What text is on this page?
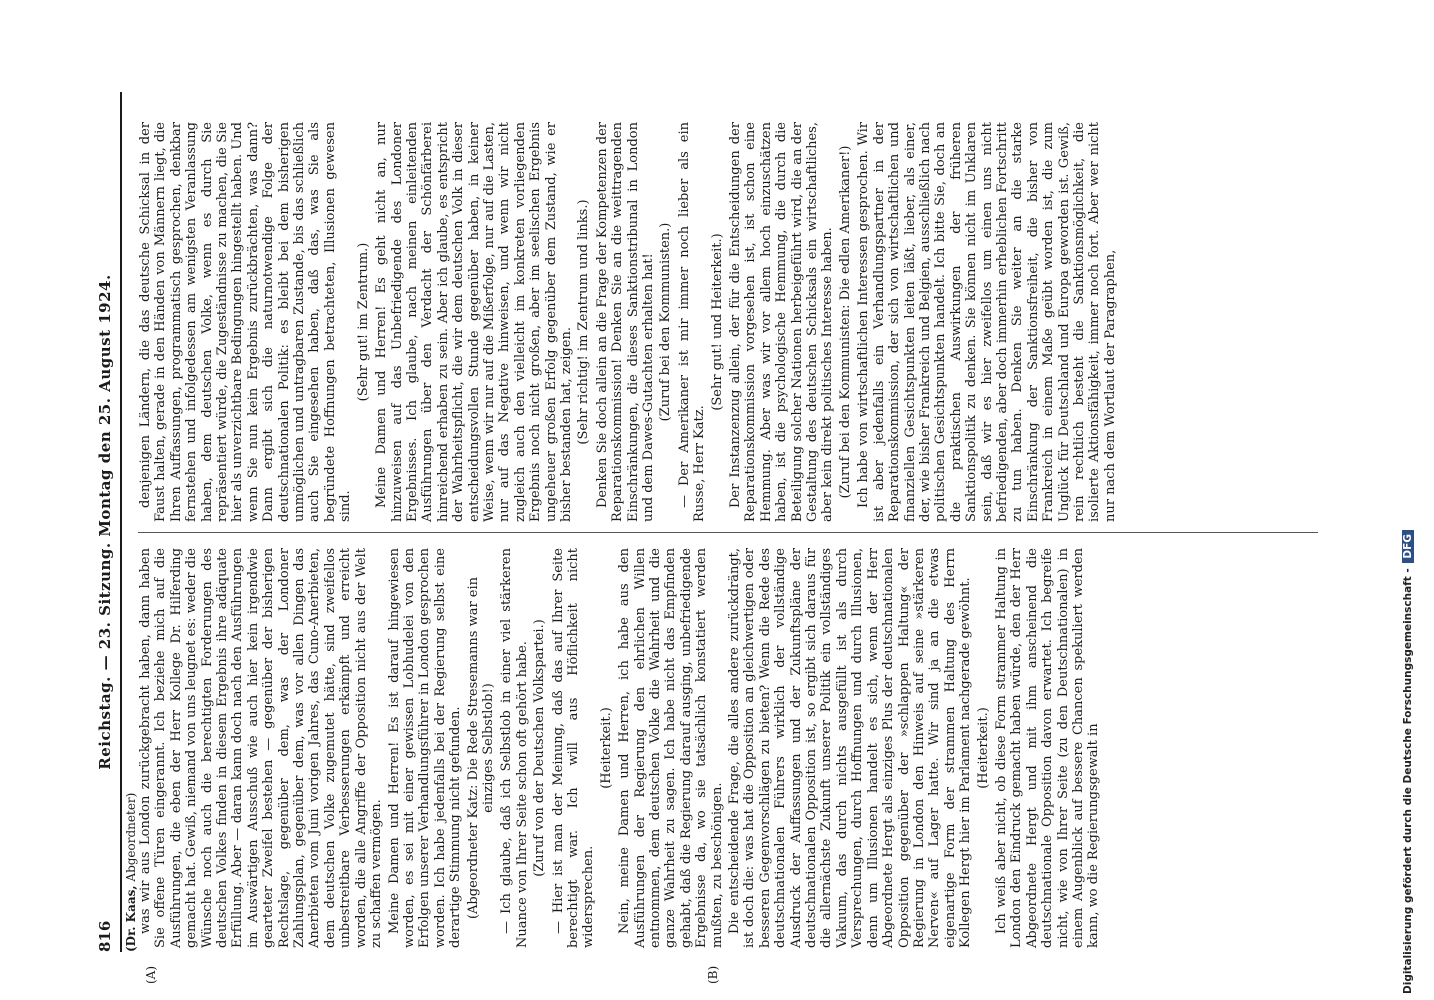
816
Reichstag. — 23. Sitzung. Montag den 25. August 1924.
(Dr. Kaas, Abgeordneter)
(A)	(B)

was wir aus London zurückgebracht haben, dann haben Sie offene Türen eingerannt. Ich beziehe mich auf die Ausführungen, die eben der Herr Kollege Dr. Hilferding gemacht hat. Gewiß, niemand von uns leugnet es: weder die Wünsche noch auch die berechtigten Forderungen des deutschen Volkes finden in diesem Ergebnis ihre adäquate Erfüllung. Aber — daran kann doch nach den Ausführungen im Auswärtigen Ausschuß wie auch hier kein irgendwie gearteter Zweifel bestehen — gegenüber der bisherigen Rechtslage, gegenüber dem, was der Londoner Zahlungsplan, gegenüber dem, was vor allen Dingen das Anerbieten vom Juni vorigen Jahres, das Cuno-Anerbieten, dem deutschen Volke zugemutet hätte, sind zweifellos unbestreitbare Verbesserungen erkämpft und erreicht worden, die alle Angriffe der Opposition nicht aus der Welt zu schaffen vermögen. Meine Damen und Herren! Es ist darauf hingewiesen worden, es sei mit einer gewissen Lobhudelei von den Erfolgen unserer Verhandlungsführer in London gesprochen worden. Ich habe jedenfalls bei der Regierung selbst eine derartige Stimmung nicht gefunden. (Abgeordneter Katz: Die Rede Stresemanns war ein einziges Selbstlob!) — Ich glaube, daß ich Selbstlob in einer viel stärkeren Nuance von Ihrer Seite schon oft gehört habe. (Zuruf von der Deutschen Volkspartei.) — Hier ist man der Meinung, daß das auf Ihrer Seite berechtigt war. Ich will aus Höflichkeit nicht widersprechen.

(Heiterkeit.) Nein, meine Damen und Herren, ich habe aus den Ausführungen der Regierung den ehrlichen Willen entnommen, dem deutschen Volke die Wahrheit und die ganze Wahrheit zu sagen. Ich habe nicht das Empfinden gehabt, daß die Regierung darauf ausging, unbefriedigende Ergebnisse da, wo sie tatsächlich konstatiert werden mußten, zu beschönigen. Die entscheidende Frage, die alles andere zurückdrängt, ist doch die: was hat die Opposition an gleichwertigen oder besseren Gegenvorschlägen zu bieten? Wenn die Rede des deutschnationalen Führers wirklich der vollständige Ausdruck der Auffassungen und der Zukunftspläne der deutschnationalen Opposition ist, so ergibt sich daraus für die allernächste Zukunft unserer Politik ein vollständiges Vakuum, das durch nichts ausgefüllt ist als durch Versprechungen, durch Hoffnungen und durch Illusionen, denn um Illusionen handelt es sich, wenn der Herr Abgeordnete Hergt als einziges Plus der deutschnationalen Opposition gegenüber der »schlappen Haltung« der Regierung in London den Hinweis auf seine »stärkeren Nerven« auf Lager hatte. Wir sind ja an die etwas eigenartige Form der strammen Haltung des Herrn Kollegen Hergt hier im Parlament nachgerade gewöhnt. (Heiterkeit.) Ich weiß aber nicht, ob diese Form strammer Haltung in London den Eindruck gemacht haben würde, den der Herr Abgeordnete Hergt und mit ihm anscheinend die deutschnationale Opposition davon erwartet. Ich begreife nicht, wie von Ihrer Seite (zu den Deutschnationalen) in einem Augenblick auf bessere Chancen spekuliert werden kann, wo die Regierungsgewalt in

denjenigen Ländern, die das deutsche Schicksal in der Faust halten, gerade in den Händen von Männern liegt, die Ihren Auffassungen, programmatisch gesprochen, denkbar fernstehen und infolgedessen am wenigsten Veranlassung haben, dem deutschen Volke, wenn es durch Sie repräsentiert würde, die Zugeständnisse zu machen, die Sie hier als unverzichtbare Bedingungen hingestellt haben. Und wenn Sie nun kein Ergebnis zurückbrächten, was dann? Dann ergibt sich die naturnotwendige Folge der deutschnationalen Politik: es bleibt bei dem bisherigen unmöglichen und untragbaren Zustande, bis das schließlich auch Sie eingesehen haben, daß das, was Sie als begründete Hoffnungen betrachteten, Illusionen gewesen sind.

(Sehr gut! im Zentrum.) Meine Damen und Herren! Es geht nicht an, nur hinzuweisen auf das Unbefriedigende des Londoner Ergebnisses. Ich glaube, nach meinen einleitenden Ausführungen über den Verdacht der Schönfärberei hinreichend erhaben zu sein. Aber ich glaube, es entspricht der Wahrheitspflicht, die wir dem deutschen Volk in dieser entscheidungsvollen Stunde gegenüber haben, in keiner Weise, wenn wir nur auf die Mißerfolge, nur auf die Lasten, nur auf das Negative hinweisen, und wenn wir nicht zugleich auch den vielleicht im konkreten vorliegenden Ergebnis noch nicht großen, aber im seelischen Ergebnis ungeheuer großen Erfolg gegenüber dem Zustand, wie er bisher bestanden hat, zeigen. (Sehr richtig! im Zentrum und links.) Denken Sie doch allein an die Frage der Kompetenzen der Reparationskommission! Denken Sie an die weittragenden Einschränkungen, die dieses Sanktionstribunal in London und dem Dawes-Gutachten erhalten hat! (Zuruf bei den Kommunisten.) — Der Amerikaner ist mir immer noch lieber als ein Russe, Herr Katz.

(Sehr gut! und Heiterkeit.) Der Instanzenzug allein, der für die Entscheidungen der Reparationskommission vorgesehen ist, ist schon eine Hemmung. Aber was wir vor allem hoch einzuschätzen haben, ist die psychologische Hemmung, die durch die Beteiligung solcher Nationen herbeigeführt wird, die an der Gestaltung des deutschen Schicksals ein wirtschaftliches, aber kein direkt politisches Interesse haben. (Zuruf bei den Kommunisten: Die edlen Amerikaner!) Ich habe von wirtschaftlichen Interessen gesprochen. Wir ist aber jedenfalls ein Verhandlungspartner in der Reparationskommission, der sich von wirtschaftlichen und finanziellen Gesichtspunkten leiten läßt, lieber, als einer, der, wie bisher Frankreich und Belgien, ausschließlich nach politischen Gesichtspunkten handelt. Ich bitte Sie, doch an die praktischen Auswirkungen der früheren Sanktionspolitik zu denken. Sie können nicht im Unklaren sein, daß wir es hier zweifellos um einen uns nicht befriedigenden, aber doch immerhin erheblichen Fortschritt zu tun haben. Denken Sie weiter an die starke Einschränkung der Sanktionsfreiheit, die bisher von Frankreich in einem Maße geübt worden ist, die zum Unglück für Deutschland und Europa geworden ist. Gewiß, rein rechtlich besteht die Sanktionsmöglichkeit, die isolierte Aktionsfähigkeit, immer noch fort. Aber wer nicht nur nach dem Wortlaut der Paragraphen,

Digitalisierung gefördert durch die Deutsche Forschungsgemeinschaft - DFG
